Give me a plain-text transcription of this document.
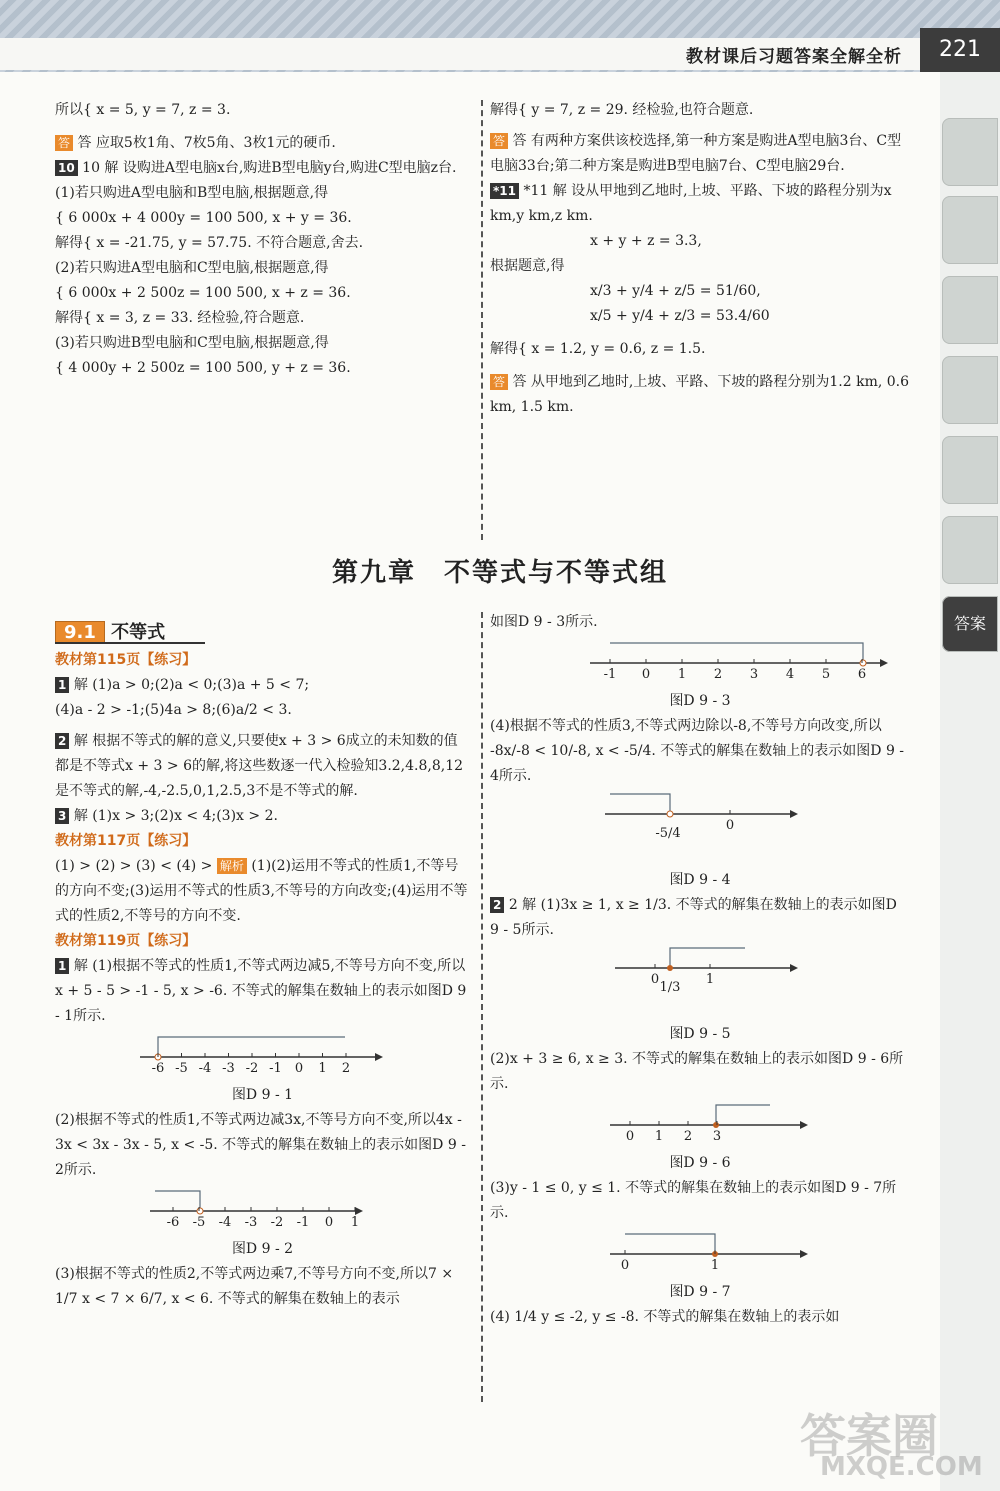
教材课后习题答案全解全析	221
答案

所以{ x = 5, y = 7, z = 3.

答 答 应取5枚1角、7枚5角、3枚1元的硬币.

10 10 解 设购进A型电脑x台,购进B型电脑y台,购进C型电脑z台.

(1)若只购进A型电脑和B型电脑,根据题意,得

{ 6 000x + 4 000y = 100 500, x + y = 36.

解得{ x = -21.75, y = 57.75. 不符合题意,舍去.

(2)若只购进A型电脑和C型电脑,根据题意,得

{ 6 000x + 2 500z = 100 500, x + z = 36.

解得{ x = 3, z = 33. 经检验,符合题意.

(3)若只购进B型电脑和C型电脑,根据题意,得

{ 4 000y + 2 500z = 100 500, y + z = 36.

解得{ y = 7, z = 29. 经检验,也符合题意.

答 答 有两种方案供该校选择,第一种方案是购进A型电脑3台、C型电脑33台;第二种方案是购进B型电脑7台、C型电脑29台.

*11 *11 解 设从甲地到乙地时,上坡、平路、下坡的路程分别为x km,y km,z km.

x + y + z = 3.3,

根据题意,得

x/3 + y/4 + z/5 = 51/60,

x/5 + y/4 + z/3 = 53.4/60

解得{ x = 1.2, y = 0.6, z = 1.5.

答 答 从甲地到乙地时,上坡、平路、下坡的路程分别为1.2 km, 0.6 km, 1.5 km.

第九章　不等式与不等式组
9.1 不等式

教材第115页【练习】

1 解 (1)a > 0;(2)a < 0;(3)a + 5 < 7;

(4)a - 2 > -1;(5)4a > 8;(6)a/2 < 3.

2 解 根据不等式的解的意义,只要使x + 3 > 6成立的未知数的值都是不等式x + 3 > 6的解,将这些数逐一代入检验知3.2,4.8,8,12是不等式的解,-4,-2.5,0,1,2.5,3不是不等式的解.

3 解 (1)x > 3;(2)x < 4;(3)x > 2.

教材第117页【练习】

(1) > (2) > (3) < (4) > 解析 (1)(2)运用不等式的性质1,不等号的方向不变;(3)运用不等式的性质3,不等号的方向改变;(4)运用不等式的性质2,不等号的方向不变.

教材第119页【练习】

1 解 (1)根据不等式的性质1,不等式两边减5,不等号方向不变,所以x + 5 - 5 > -1 - 5, x > -6. 不等式的解集在数轴上的表示如图D 9 - 1所示.

-6 -5 -4 -3 -2 -1 0 1 2

图D 9 - 1

(2)根据不等式的性质1,不等式两边减3x,不等号方向不变,所以4x - 3x < 3x - 3x - 5, x < -5. 不等式的解集在数轴上的表示如图D 9 - 2所示.

-6 -5 -4 -3 -2 -1 0 1

图D 9 - 2

(3)根据不等式的性质2,不等式两边乘7,不等号方向不变,所以7 × 1/7 x < 7 × 6/7, x < 6. 不等式的解集在数轴上的表示

如图D 9 - 3所示.

-1 0 1 2 3 4 5 6

图D 9 - 3

(4)根据不等式的性质3,不等式两边除以-8,不等号方向改变,所以 -8x/-8 < 10/-8, x < -5/4. 不等式的解集在数轴上的表示如图D 9 - 4所示.

0
-5/4

图D 9 - 4

2 2 解 (1)3x ≥ 1, x ≥ 1/3. 不等式的解集在数轴上的表示如图D 9 - 5所示.

0	1
1/3

图D 9 - 5

(2)x + 3 ≥ 6, x ≥ 3. 不等式的解集在数轴上的表示如图D 9 - 6所示.

0 1 2 3

图D 9 - 6

(3)y - 1 ≤ 0, y ≤ 1. 不等式的解集在数轴上的表示如图D 9 - 7所示.

0	1

图D 9 - 7

(4) 1/4 y ≤ -2, y ≤ -8. 不等式的解集在数轴上的表示如

答案圈
MXQE.COM
